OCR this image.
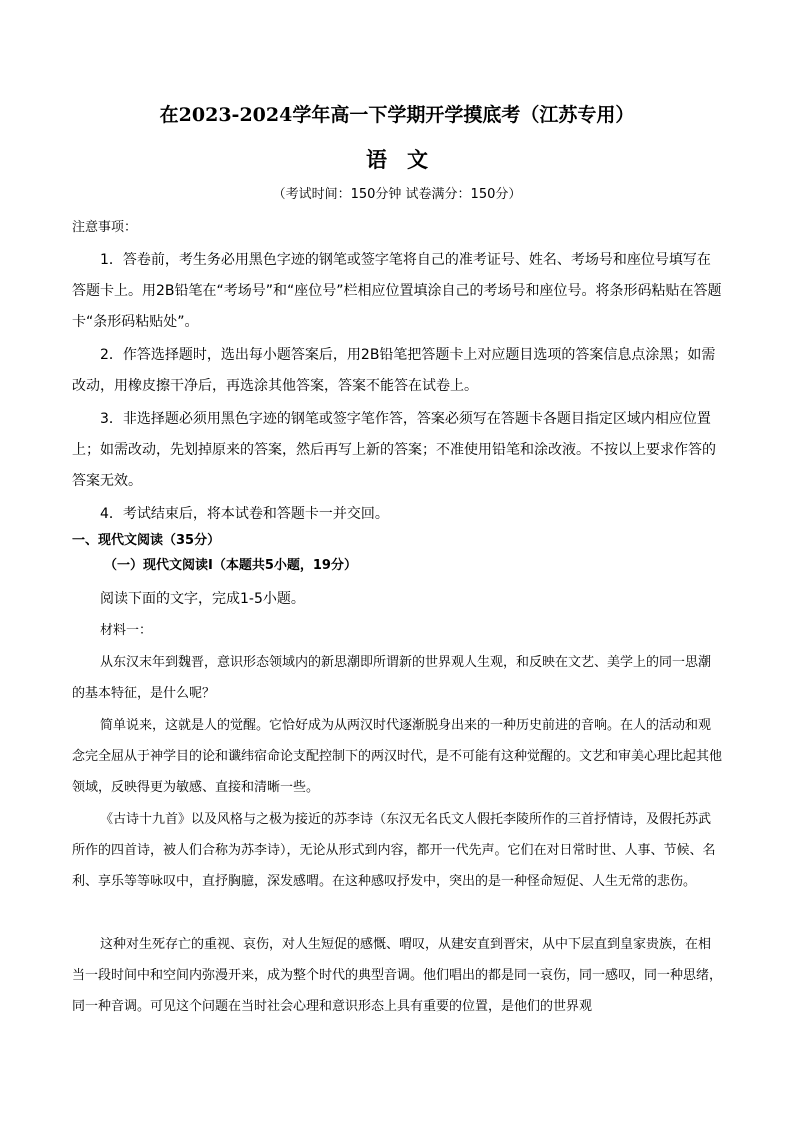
在2023-2024学年高一下学期开学摸底考（江苏专用）
语文
（考试时间：150分钟 试卷满分：150分）
注意事项：

1．答卷前，考生务必用黑色字迹的钢笔或签字笔将自己的准考证号、姓名、考场号和座位号填写在答题卡上。用2B铅笔在“考场号”和“座位号”栏相应位置填涂自己的考场号和座位号。将条形码粘贴在答题卡“条形码粘贴处”。

2．作答选择题时，选出每小题答案后，用2B铅笔把答题卡上对应题目选项的答案信息点涂黑；如需改动，用橡皮擦干净后，再选涂其他答案，答案不能答在试卷上。

3．非选择题必须用黑色字迹的钢笔或签字笔作答，答案必须写在答题卡各题目指定区域内相应位置上；如需改动，先划掉原来的答案，然后再写上新的答案；不准使用铅笔和涂改液。不按以上要求作答的答案无效。

4．考试结束后，将本试卷和答题卡一并交回。

一、现代文阅读（35分）
（一）现代文阅读Ⅰ（本题共5小题，19分）
阅读下面的文字，完成1-5小题。
材料一：

从东汉末年到魏晋，意识形态领域内的新思潮即所谓新的世界观人生观，和反映在文艺、美学上的同一思潮的基本特征，是什么呢？

简单说来，这就是人的觉醒。它恰好成为从两汉时代逐渐脱身出来的一种历史前进的音响。在人的活动和观念完全屈从于神学目的论和谶纬宿命论支配控制下的两汉时代，是不可能有这种觉醒的。文艺和审美心理比起其他领域，反映得更为敏感、直接和清晰一些。

《古诗十九首》以及风格与之极为接近的苏李诗（东汉无名氏文人假托李陵所作的三首抒情诗，及假托苏武所作的四首诗，被人们合称为苏李诗），无论从形式到内容，都开一代先声。它们在对日常时世、人事、节候、名利、享乐等等咏叹中，直抒胸臆，深发感喟。在这种感叹抒发中，突出的是一种怪命短促、人生无常的悲伤。

这种对生死存亡的重视、哀伤，对人生短促的感慨、喟叹，从建安直到晋宋，从中下层直到皇家贵族，在相当一段时间中和空间内弥漫开来，成为整个时代的典型音调。他们唱出的都是同一哀伤，同一感叹，同一种思绪，同一种音调。可见这个问题在当时社会心理和意识形态上具有重要的位置，是他们的世界观
